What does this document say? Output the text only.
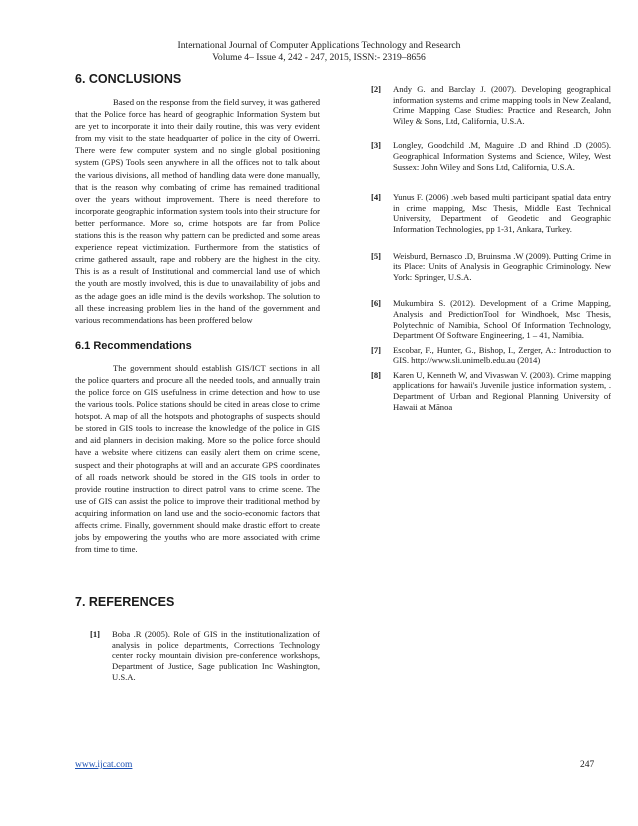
International Journal of Computer Applications Technology and Research
Volume 4– Issue 4, 242 - 247, 2015, ISSN:- 2319–8656
6. CONCLUSIONS

Based on the response from the field survey, it was gathered that the Police force has heard of geographic Information System but are yet to incorporate it into their daily routine, this was very evident from my visit to the state headquarter of police in the city of Owerri. There were few computer system and no single global positioning system (GPS) Tools seen anywhere in all the offices not to talk about the various divisions, all method of handling data were done manually, that is the reason why combating of crime has remained traditional over the years without improvement. There is need therefore to incorporate geographic information system tools into their structure for better performance. More so, crime hotspots are far from Police stations this is the reason why pattern can be predicted and some areas experience repeat victimization. Furthermore from the statistics of crime gathered assault, rape and robbery are the highest in the city. This is as a result of Institutional and commercial land use of which the youth are mostly involved, this is due to unavailability of jobs and as the adage goes an idle mind is the devils workshop. The solution to all these increasing problem lies in the hand of the government and various recommendations has been proffered below

6.1 Recommendations

The government should establish GIS/ICT sections in all the police quarters and procure all the needed tools, and annually train the police force on GIS usefulness in crime detection and how to use the various tools. Police stations should be cited in areas close to crime hotspot. A map of all the hotspots and photographs of suspects should be stored in GIS tools to increase the knowledge of the police in GIS and aid planners in decision making. More so the police force should have a website where citizens can easily alert them on crime scene, suspect and their photographs at will and an accurate GPS coordinates of all roads network should be stored in the GIS tools in order to provide routine instruction to direct patrol vans to crime scene. The use of GIS can assist the police to improve their traditional method by acquiring information on land use and the socio-economic factors that affects crime. Finally, government should make drastic effort to create jobs by empowering the youths who are more associated with crime from time to time.

7. REFERENCES
[1]	Boba .R (2005). Role of GIS in the institutionalization of analysis in police departments, Corrections Technology center rocky mountain division pre-conference workshops, Department of Justice, Sage publication Inc Washington, U.S.A.
[2]	Andy G. and Barclay J. (2007). Developing geographical information systems and crime mapping tools in New Zealand, Crime Mapping Case Studies: Practice and Research, John Wiley & Sons, Ltd, California, U.S.A.
[3]	Longley, Goodchild .M, Maguire .D and Rhind .D (2005). Geographical Information Systems and Science, Wiley, West Sussex: John Wiley and Sons Ltd, California, U.S.A.
[4]	Yunus F. (2006) .web based multi participant spatial data entry in crime mapping, Msc Thesis, Middle East Technical University, Department of Geodetic and Geographic Information Technologies, pp 1-31, Ankara, Turkey.
[5]	Weisburd, Bernasco .D, Bruinsma .W (2009). Putting Crime in its Place: Units of Analysis in Geographic Criminology. New York: Springer, U.S.A.
[6]	Mukumbira S. (2012). Development of a Crime Mapping, Analysis and PredictionTool for Windhoek, Msc Thesis, Polytechnic of Namibia, School Of Information Technology, Department Of Software Engineering, 1 – 41, Namibia.
[7]	Escobar, F., Hunter, G., Bishop, I., Zerger, A.: Introduction to GIS. http://www.sli.unimelb.edu.au (2014)
[8]	Karen U, Kenneth W, and Vivaswan V. (2003). Crime mapping applications for hawaii's Juvenile justice information system, . Department of Urban and Regional Planning University of Hawaii at Mānoa
www.ijcat.com	247
